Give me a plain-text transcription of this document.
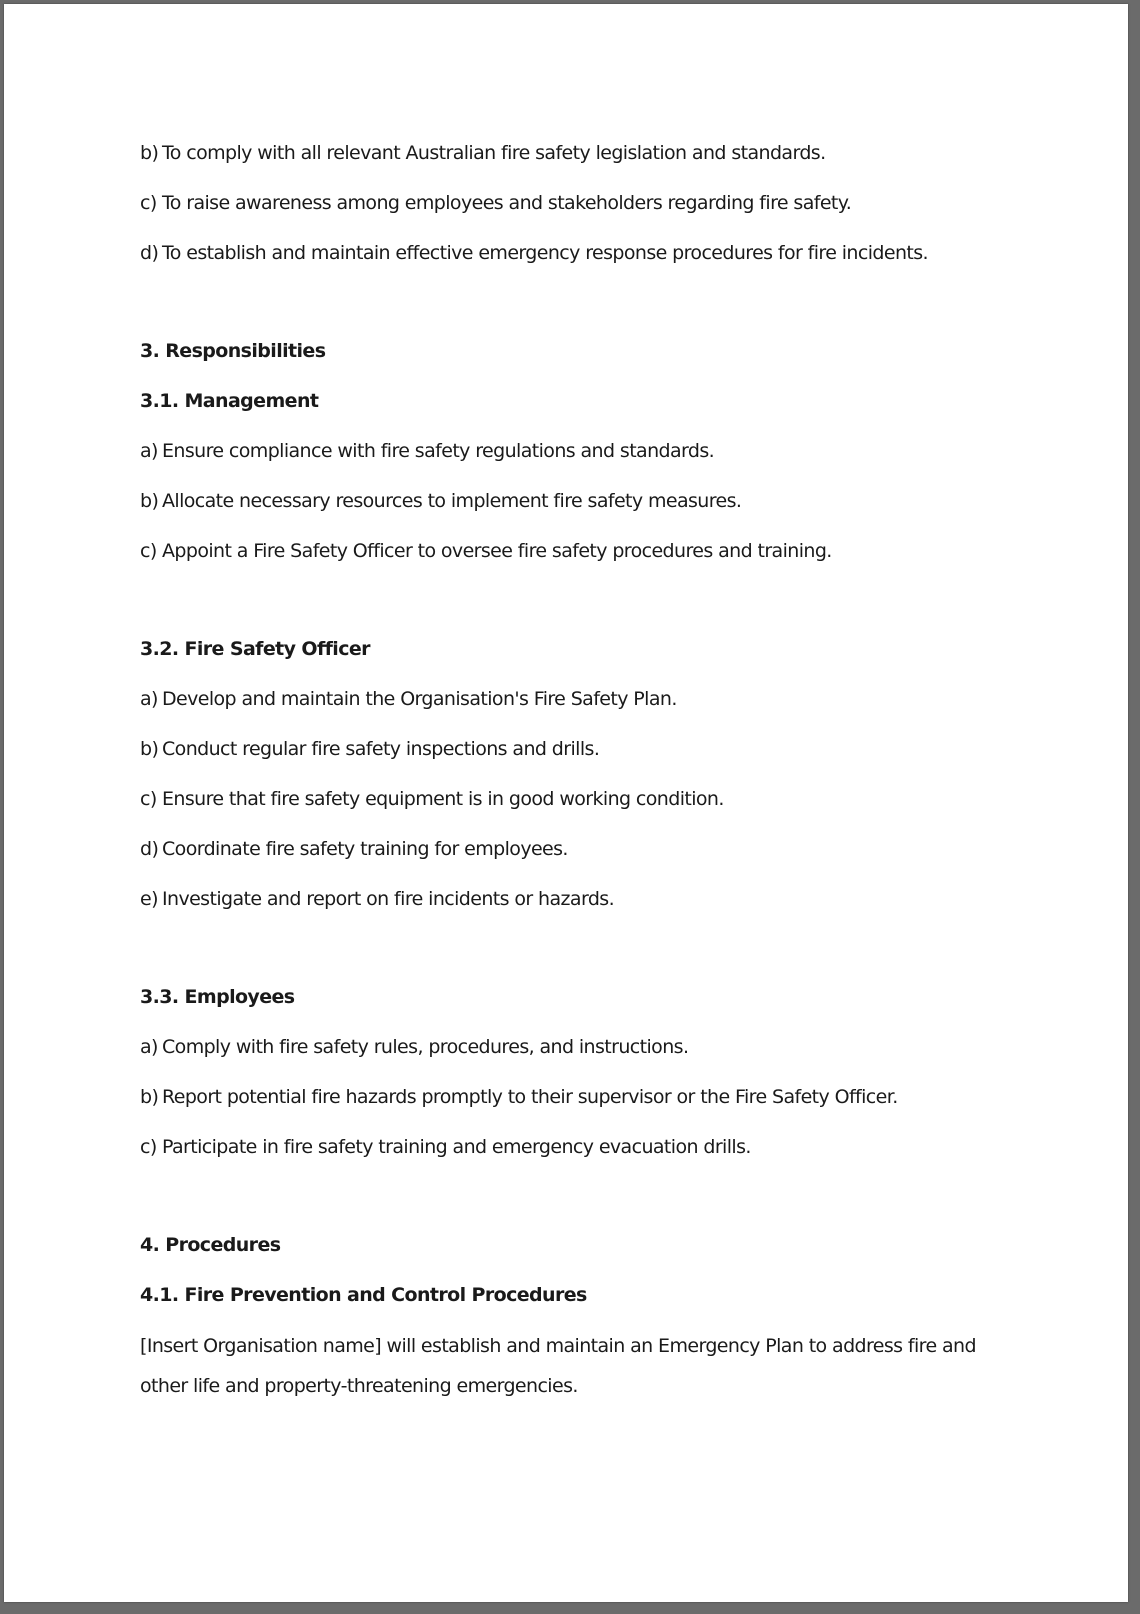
b) To comply with all relevant Australian fire safety legislation and standards.
c) To raise awareness among employees and stakeholders regarding fire safety.
d) To establish and maintain effective emergency response procedures for fire incidents.
3. Responsibilities
3.1. Management
a) Ensure compliance with fire safety regulations and standards.
b) Allocate necessary resources to implement fire safety measures.
c) Appoint a Fire Safety Officer to oversee fire safety procedures and training.
3.2. Fire Safety Officer
a) Develop and maintain the Organisation's Fire Safety Plan.
b) Conduct regular fire safety inspections and drills.
c) Ensure that fire safety equipment is in good working condition.
d) Coordinate fire safety training for employees.
e) Investigate and report on fire incidents or hazards.
3.3. Employees
a) Comply with fire safety rules, procedures, and instructions.
b) Report potential fire hazards promptly to their supervisor or the Fire Safety Officer.
c) Participate in fire safety training and emergency evacuation drills.
4. Procedures
4.1. Fire Prevention and Control Procedures
[Insert Organisation name] will establish and maintain an Emergency Plan to address fire and
other life and property-threatening emergencies.
